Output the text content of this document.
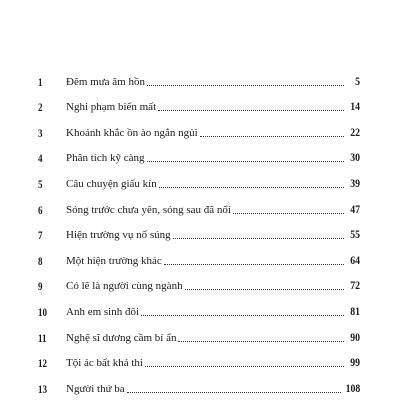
1	Đêm mưa âm hồn	5
2	Nghi phạm biến mất	14
3	Khoảnh khắc ồn ào ngắn ngủi	22
4	Phân tích kỹ càng	30
5	Câu chuyện giấu kín	39
6	Sóng trước chưa yên, sóng sau đã nổi	47
7	Hiện trường vụ nổ súng	55
8	Một hiện trường khác	64
9	Có lẽ là người cùng ngành	72
10	Anh em sinh đôi	81
11	Nghệ sĩ dương cầm bí ẩn	90
12	Tội ác bất khả thi	99
13	Người thứ ba	108
